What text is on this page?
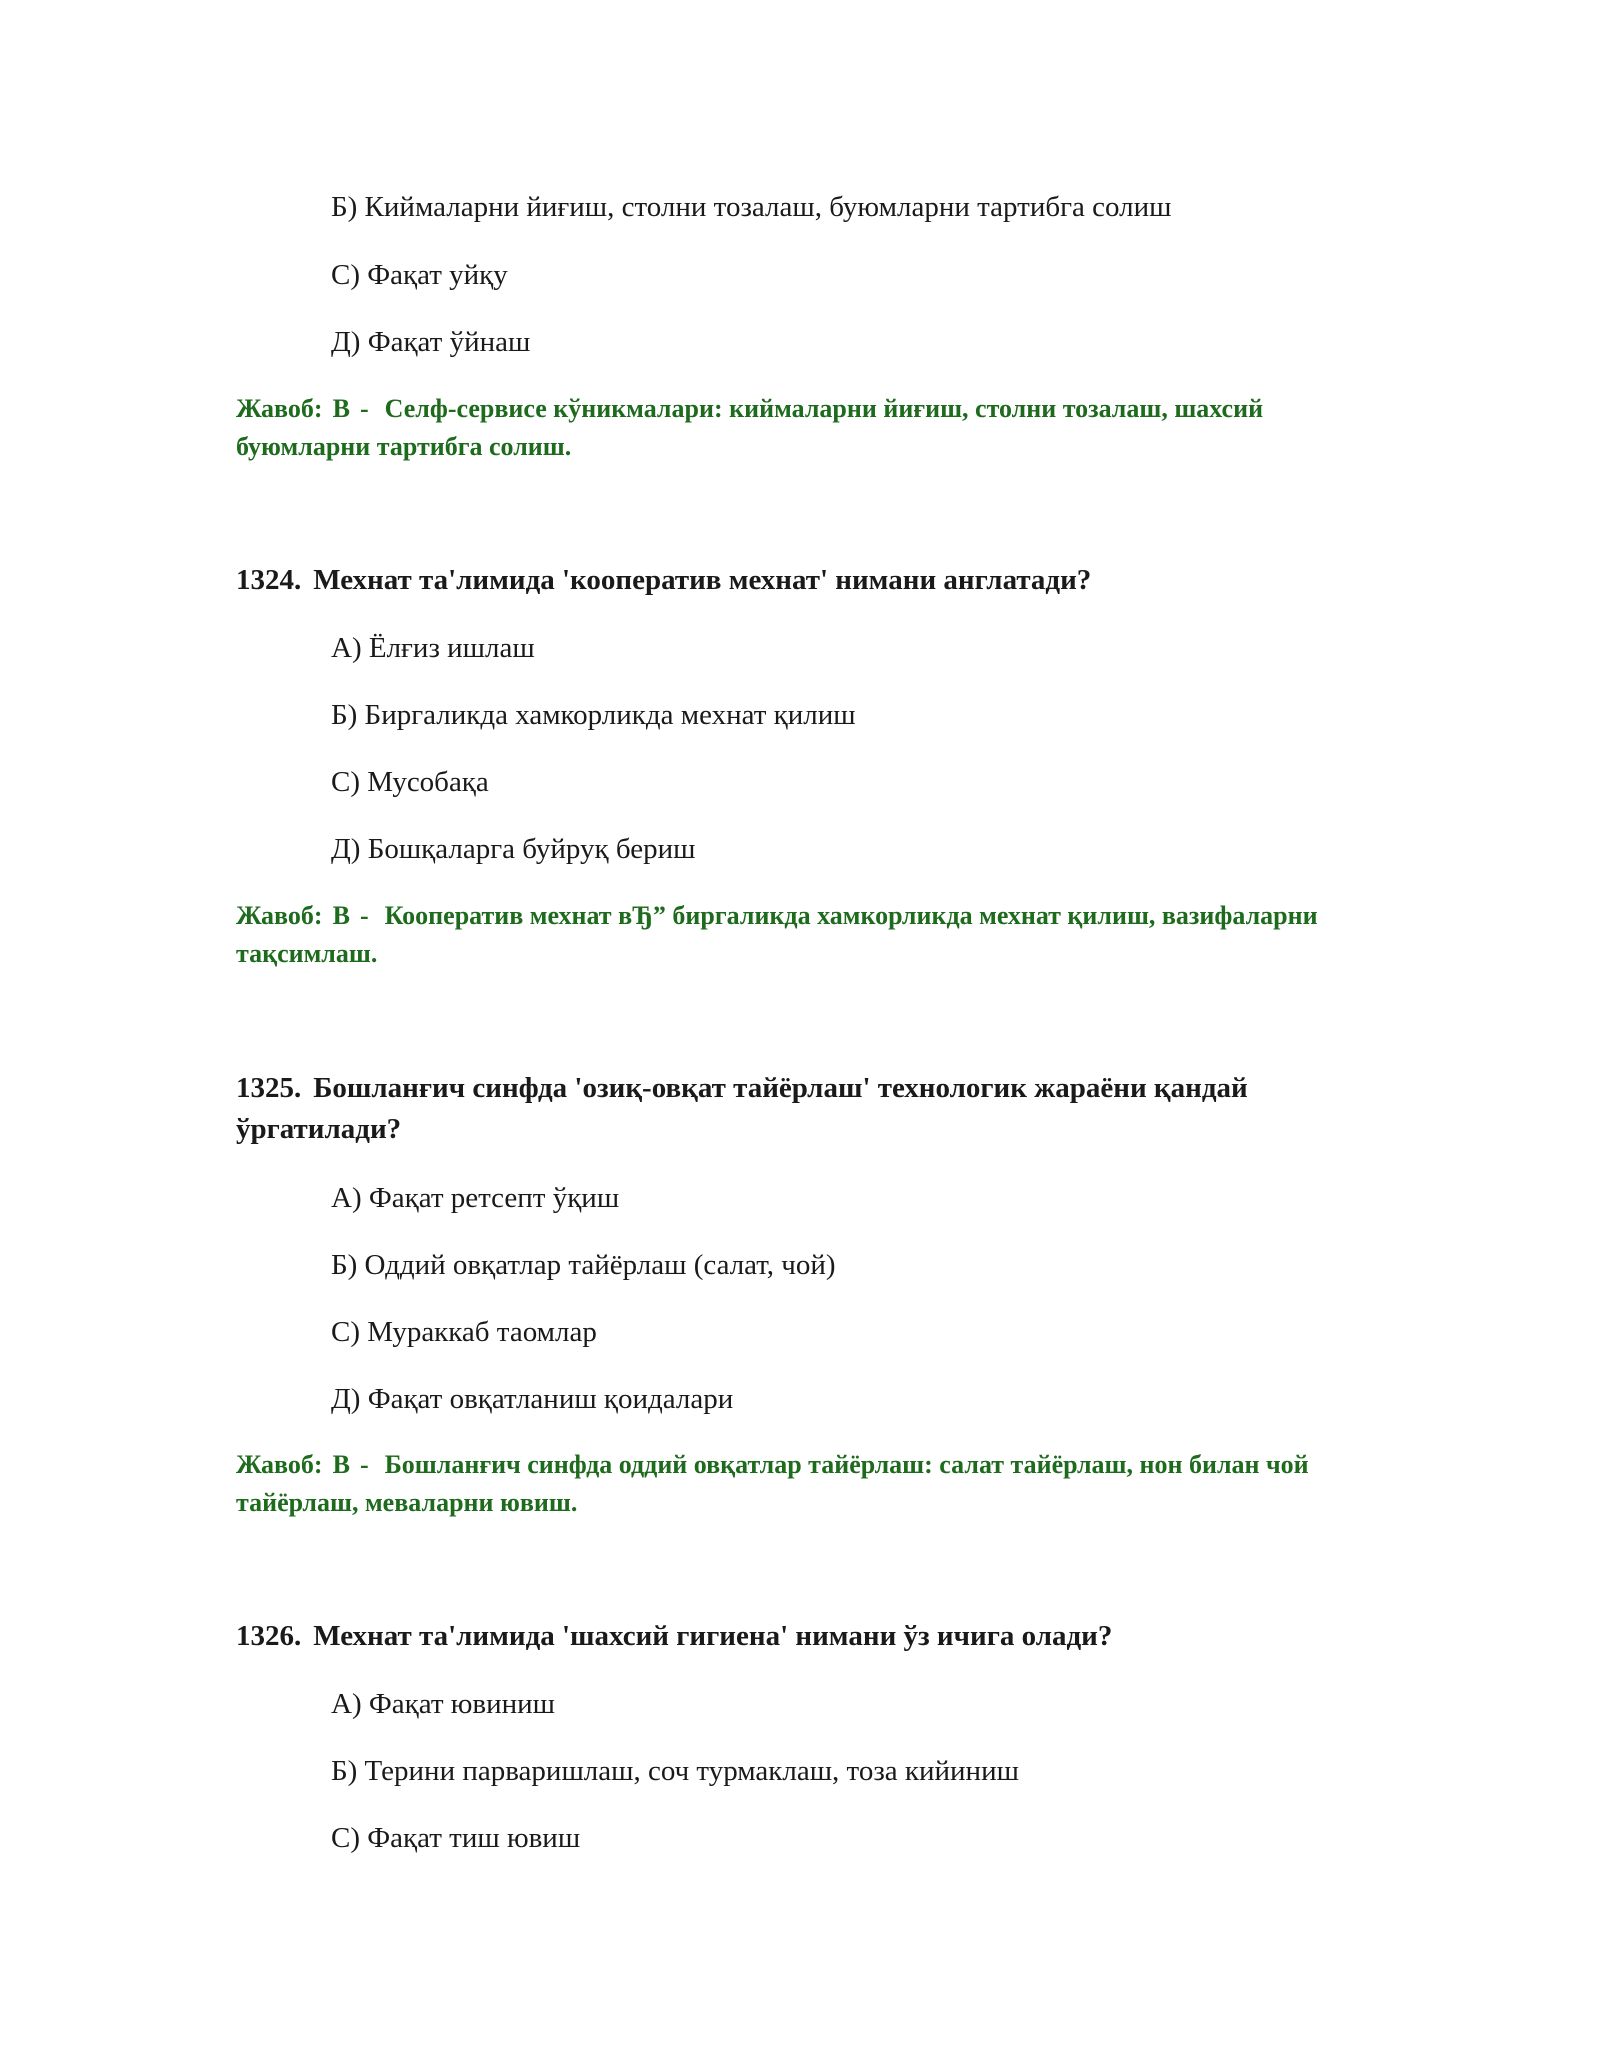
Б) Киймаларни йиғиш, столни тозалаш, буюмларни тартибга солиш
С) Фақат уйқу
Д) Фақат ўйнаш
Жавоб: B - Селф-сервисе кўникмалари: киймаларни йиғиш, столни тозалаш, шахсий буюмларни тартибга солиш.
1324. Мехнат та'лимида 'кооператив мехнат' нимани англатади?
А) Ёлғиз ишлаш
Б) Биргаликда хамкорликда мехнат қилиш
С) Мусобақа
Д) Бошқаларга буйруқ бериш
Жавоб: B - Кооператив мехнат вЂ” биргаликда хамкорликда мехнат қилиш, вазифаларни тақсимлаш.
1325. Бошланғич синфда 'озиқ-овқат тайёрлаш' технологик жараёни қандай ўргатилади?
А) Фақат ретсепт ўқиш
Б) Оддий овқатлар тайёрлаш (салат, чой)
С) Мураккаб таомлар
Д) Фақат овқатланиш қоидалари
Жавоб: B - Бошланғич синфда оддий овқатлар тайёрлаш: салат тайёрлаш, нон билан чой тайёрлаш, меваларни ювиш.
1326. Мехнат та'лимида 'шахсий гигиена' нимани ўз ичига олади?
А) Фақат ювиниш
Б) Терини парваришлаш, соч турмаклаш, тоза кийиниш
С) Фақат тиш ювиш
